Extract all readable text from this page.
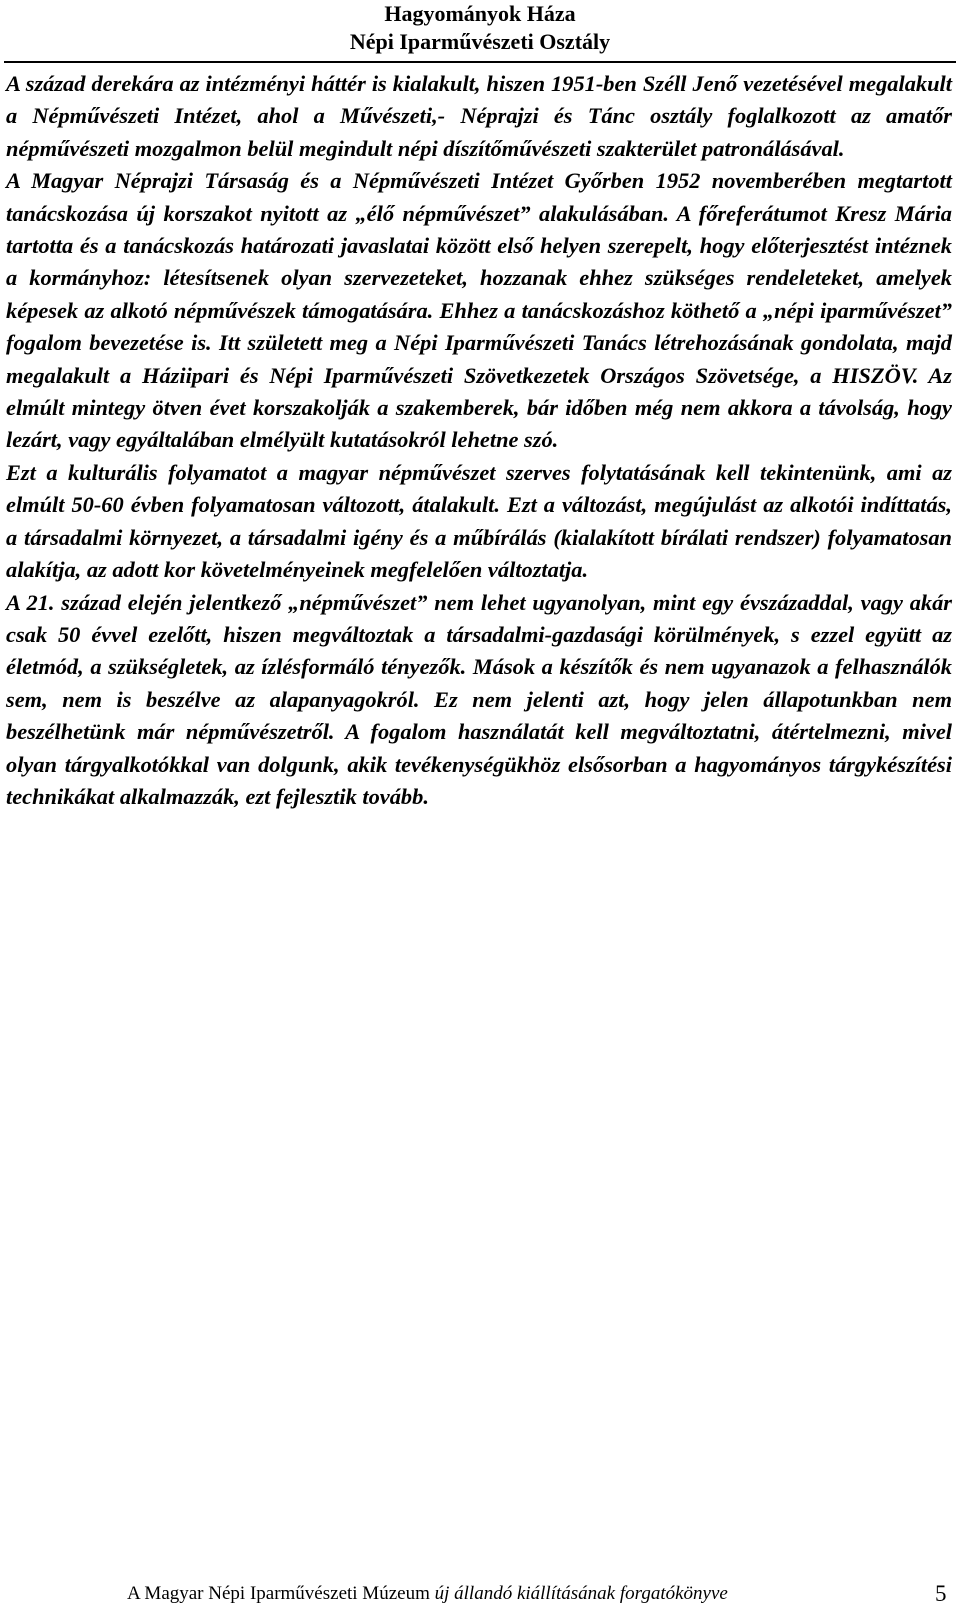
Hagyományok Háza
Népi Iparművészeti Osztály

A század derekára az intézményi háttér is kialakult, hiszen 1951-ben Széll Jenő vezetésével megalakult a Népművészeti Intézet, ahol a Művészeti,- Néprajzi és Tánc osztály foglalkozott az amatőr népművészeti mozgalmon belül megindult népi díszítőművészeti szakterület patronálásával.

A Magyar Néprajzi Társaság és a Népművészeti Intézet Győrben 1952 novemberében megtartott tanácskozása új korszakot nyitott az „élő népművészet” alakulásában. A főreferátumot Kresz Mária tartotta és a tanácskozás határozati javaslatai között első helyen szerepelt, hogy előterjesztést intéznek a kormányhoz: létesítsenek olyan szervezeteket, hozzanak ehhez szükséges rendeleteket, amelyek képesek az alkotó népművészek támogatására. Ehhez a tanácskozáshoz köthető a „népi iparművészet” fogalom bevezetése is. Itt született meg a Népi Iparművészeti Tanács létrehozásának gondolata, majd megalakult a Háziipari és Népi Iparművészeti Szövetkezetek Országos Szövetsége, a HISZÖV. Az elmúlt mintegy ötven évet korszakolják a szakemberek, bár időben még nem akkora a távolság, hogy lezárt, vagy egyáltalában elmélyült kutatásokról lehetne szó.

Ezt a kulturális folyamatot a magyar népművészet szerves folytatásának kell tekintenünk, ami az elmúlt 50-60 évben folyamatosan változott, átalakult. Ezt a változást, megújulást az alkotói indíttatás, a társadalmi környezet, a társadalmi igény és a műbírálás (kialakított bírálati rendszer) folyamatosan alakítja, az adott kor követelményeinek megfelelően változtatja.

A 21. század elején jelentkező „népművészet” nem lehet ugyanolyan, mint egy évszázaddal, vagy akár csak 50 évvel ezelőtt, hiszen megváltoztak a társadalmi-gazdasági körülmények, s ezzel együtt az életmód, a szükségletek, az ízlésformáló tényezők. Mások a készítők és nem ugyanazok a felhasználók sem, nem is beszélve az alapanyagokról. Ez nem jelenti azt, hogy jelen állapotunkban nem beszélhetünk már népművészetről. A fogalom használatát kell megváltoztatni, átértelmezni, mivel olyan tárgyalkotókkal van dolgunk, akik tevékenységükhöz elsősorban a hagyományos tárgykészítési technikákat alkalmazzák, ezt fejlesztik tovább.

A Magyar Népi Iparművészeti Múzeum új állandó kiállításának forgatókönyve	5
